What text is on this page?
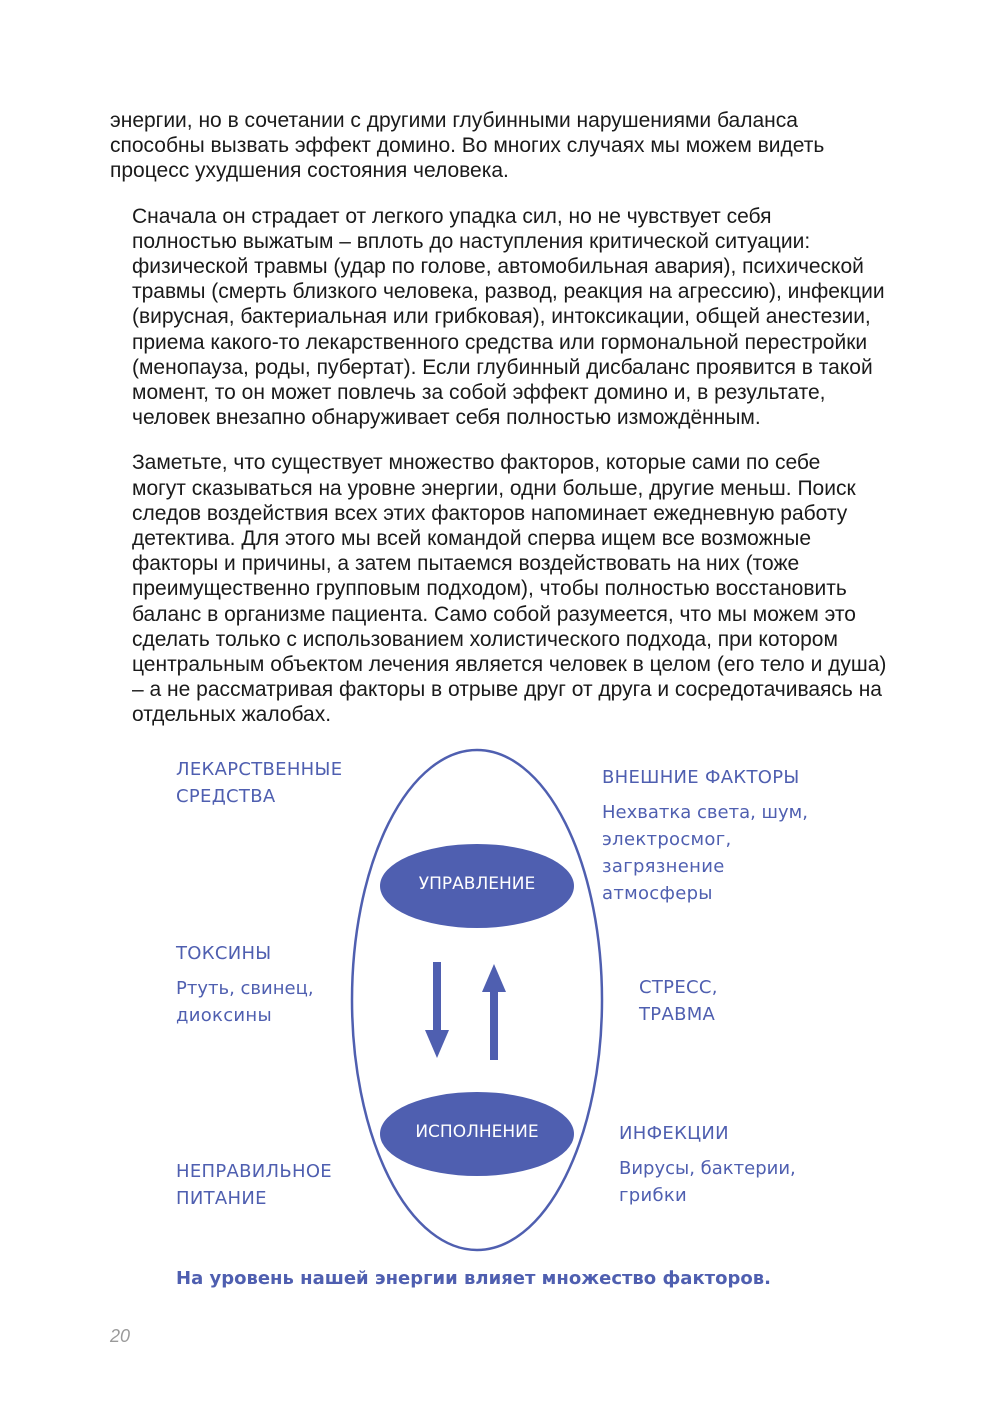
энергии, но в сочетании с другими глубинными нарушениями баланса
способны вызвать эффект домино. Во многих случаях мы можем видеть
процесс ухудшения состояния человека.

Сначала он страдает от легкого упадка сил, но не чувствует себя
полностью выжатым – вплоть до наступления критической ситуации:
физической травмы (удар по голове, автомобильная авария), психической
травмы (смерть близкого человека, развод, реакция на агрессию), инфекции
(вирусная, бактериальная или грибковая), интоксикации, общей анестезии,
приема какого-то лекарственного средства или гормональной перестройки
(менопауза, роды, пубертат). Если глубинный дисбаланс проявится в такой
момент, то он может повлечь за собой эффект домино и, в результате,
человек внезапно обнаруживает себя полностью измождённым.

Заметьте, что существует множество факторов, которые сами по себе
могут сказываться на уровне энергии, одни больше, другие меньш. Поиск
следов воздействия всех этих факторов напоминает ежедневную работу
детектива. Для этого мы всей командой сперва ищем все возможные
факторы и причины, а затем пытаемся воздействовать на них (тоже
преимущественно групповым подходом), чтобы полностью восстановить
баланс в организме пациента. Само собой разумеется, что мы можем это
сделать только с использованием холистического подхода, при котором
центральным объектом лечения является человек в целом (его тело и душа)
– а не рассматривая факторы в отрыве друг от друга и сосредотачиваясь на
отдельных жалобах.

УПРАВЛЕНИЕ
ИСПОЛНЕНИЕ
ЛЕКАРСТВЕННЫЕ
СРЕДСТВА
ВНЕШНИЕ ФАКТОРЫ
Нехватка света, шум,
электросмог,
загрязнение
атмосферы
ТОКСИНЫ
Ртуть, свинец,
диоксины
СТРЕСС,
ТРАВМА
НЕПРАВИЛЬНОЕ
ПИТАНИЕ
ИНФЕКЦИИ
Вирусы, бактерии,
грибки
На уровень нашей энергии влияет множество факторов.
20
